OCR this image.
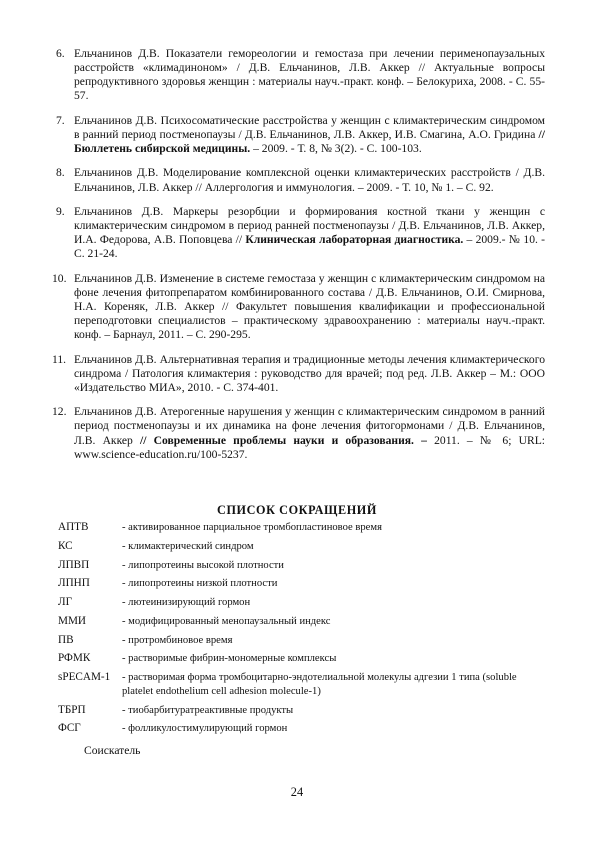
6. Ельчанинов Д.В. Показатели гемореологии и гемостаза при лечении перименопаузальных расстройств «климадиноном» / Д.В. Ельчанинов, Л.В. Аккер // Актуальные вопросы репродуктивного здоровья женщин : материалы науч.-практ. конф. – Белокуриха, 2008. - С. 55-57.
7. Ельчанинов Д.В. Психосоматические расстройства у женщин с климактерическим синдромом в ранний период постменопаузы / Д.В. Ельчанинов, Л.В. Аккер, И.В. Смагина, А.О. Гридина // Бюллетень сибирской медицины. – 2009. - Т. 8, № 3(2). - С. 100-103.
8. Ельчанинов Д.В. Моделирование комплексной оценки климактерических расстройств / Д.В. Ельчанинов, Л.В. Аккер // Аллергология и иммунология. – 2009. - Т. 10, № 1. – С. 92.
9. Ельчанинов Д.В. Маркеры резорбции и формирования костной ткани у женщин с климактерическим синдромом в период ранней постменопаузы / Д.В. Ельчанинов, Л.В. Аккер, И.А. Федорова, А.В. Поповцева // Клиническая лабораторная диагностика. – 2009.- № 10. - С. 21-24.
10. Ельчанинов Д.В. Изменение в системе гемостаза у женщин с климактерическим синдромом на фоне лечения фитопрепаратом комбинированного состава / Д.В. Ельчанинов, О.И. Смирнова, Н.А. Кореняк, Л.В. Аккер // Факультет повышения квалификации и профессиональной переподготовки специалистов – практическому здравоохранению : материалы науч.-практ. конф. – Барнаул, 2011. – С. 290-295.
11. Ельчанинов Д.В. Альтернативная терапия и традиционные методы лечения климактерического синдрома / Патология климактерия : руководство для врачей; под ред. Л.В. Аккер – М.: ООО «Издательство МИА», 2010. - С. 374-401.
12. Ельчанинов Д.В. Атерогенные нарушения у женщин с климактерическим синдромом в ранний период постменопаузы и их динамика на фоне лечения фитогормонами / Д.В. Ельчанинов, Л.В. Аккер // Современные проблемы науки и образования. – 2011. – № 6; URL: www.science-education.ru/100-5237.
СПИСОК СОКРАЩЕНИЙ
АПТВ	- активированное парциальное тромбопластиновое время
КС	- климактерический синдром
ЛПВП	- липопротеины высокой плотности
ЛПНП	- липопротеины низкой плотности
ЛГ	- лютеинизирующий гормон
ММИ	- модифицированный менопаузальный индекс
ПВ	- протромбиновое время
РФМК	- растворимые фибрин-мономерные комплексы
sPECAM-1	- растворимая форма тромбоцитарно-эндотелиальной молекулы адгезии 1 типа (soluble platelet endothelium cell adhesion molecule-1)
ТБРП	- тиобарбитуратреактивные продукты
ФСГ	- фолликулостимулирующий гормон
Соискатель
24
